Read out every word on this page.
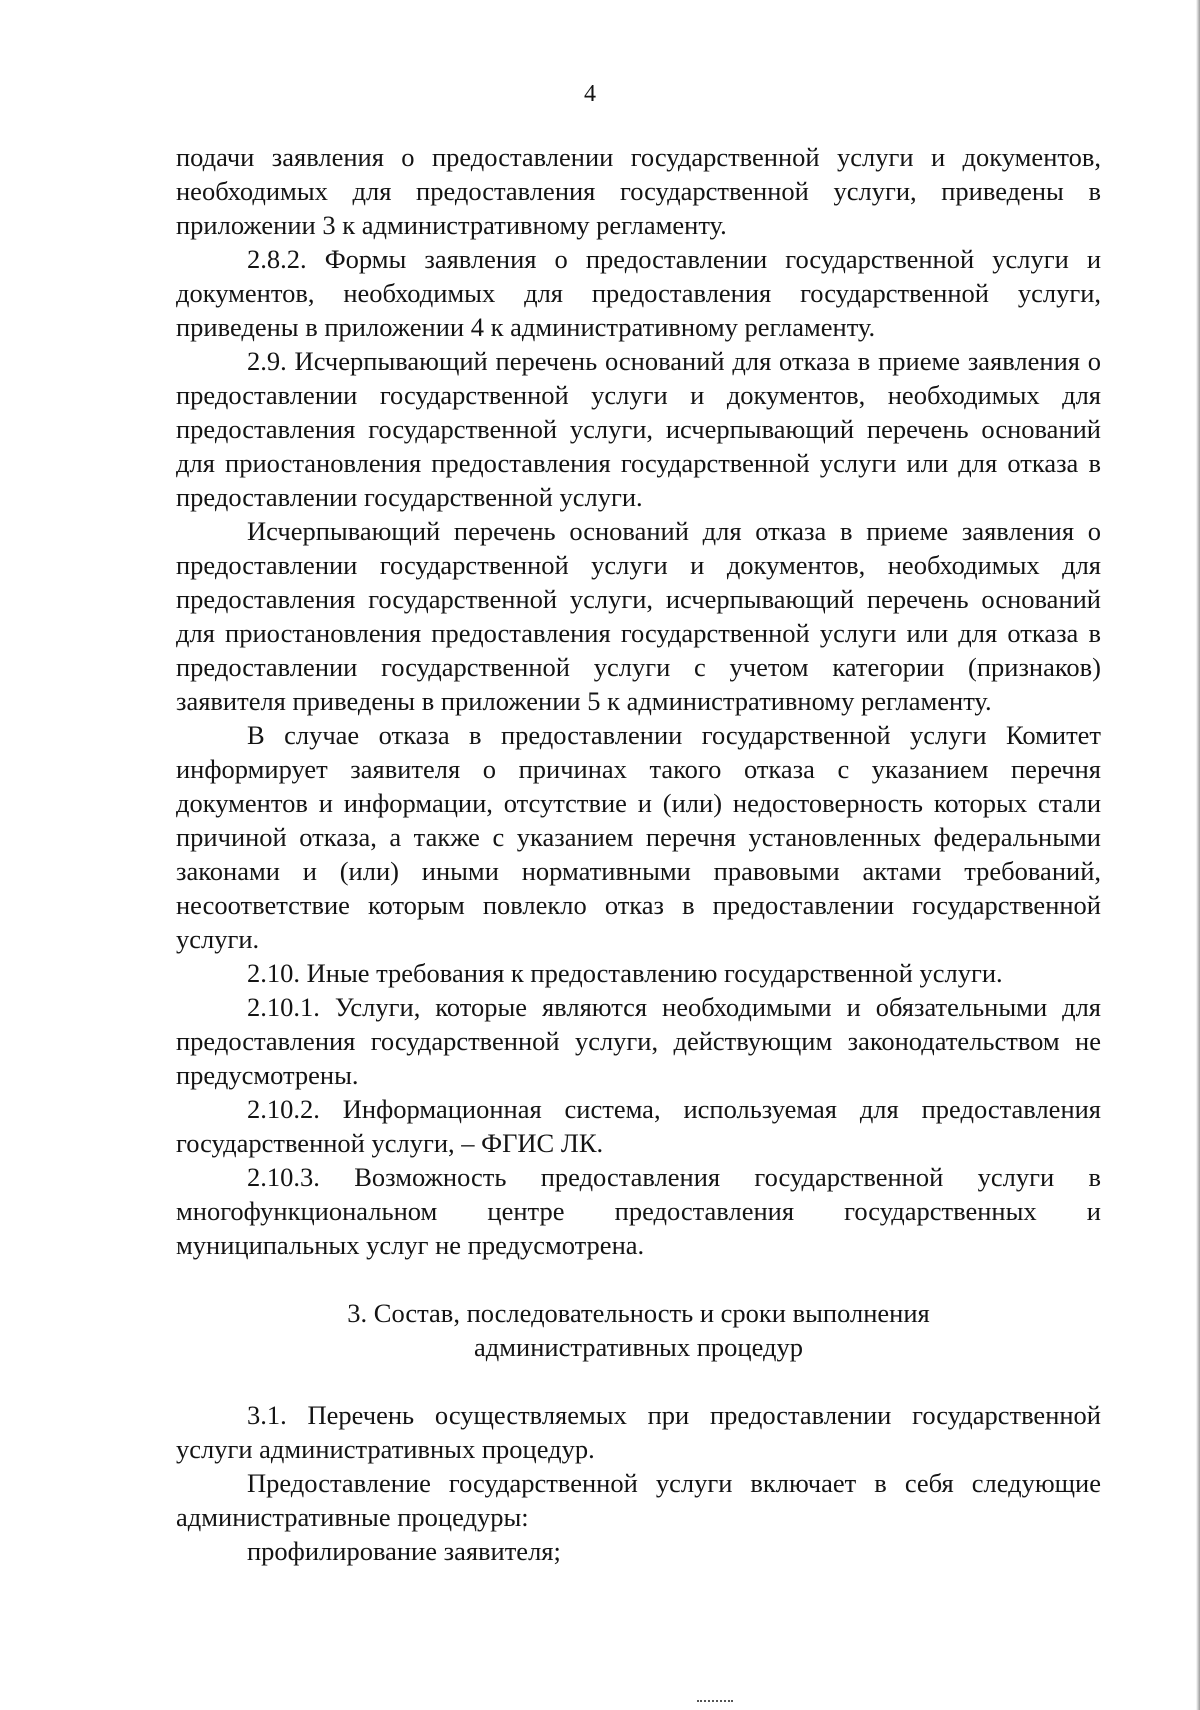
4

подачи заявления о предоставлении государственной услуги и документов, необходимых для предоставления государственной услуги, приведены в приложении 3 к административному регламенту.

2.8.2. Формы заявления о предоставлении государственной услуги и документов, необходимых для предоставления государственной услуги, приведены в приложении 4 к административному регламенту.

2.9. Исчерпывающий перечень оснований для отказа в приеме заявления о предоставлении государственной услуги и документов, необходимых для предоставления государственной услуги, исчерпывающий перечень оснований для приостановления предоставления государственной услуги или для отказа в предоставлении государственной услуги.

Исчерпывающий перечень оснований для отказа в приеме заявления о предоставлении государственной услуги и документов, необходимых для предоставления государственной услуги, исчерпывающий перечень оснований для приостановления предоставления государственной услуги или для отказа в предоставлении государственной услуги с учетом категории (признаков) заявителя приведены в приложении 5 к административному регламенту.

В случае отказа в предоставлении государственной услуги Комитет информирует заявителя о причинах такого отказа с указанием перечня документов и информации, отсутствие и (или) недостоверность которых стали причиной отказа, а также с указанием перечня установленных федеральными законами и (или) иными нормативными правовыми актами требований, несоответствие которым повлекло отказ в предоставлении государственной услуги.

2.10. Иные требования к предоставлению государственной услуги.

2.10.1. Услуги, которые являются необходимыми и обязательными для предоставления государственной услуги, действующим законодательством не предусмотрены.

2.10.2. Информационная система, используемая для предоставления государственной услуги, – ФГИС ЛК.

2.10.3. Возможность предоставления государственной услуги в многофункциональном центре предоставления государственных и муниципальных услуг не предусмотрена.

3. Состав, последовательность и сроки выполнения
административных процедур

3.1. Перечень осуществляемых при предоставлении государственной услуги административных процедур.

Предоставление государственной услуги включает в себя следующие административные процедуры:

профилирование заявителя;
